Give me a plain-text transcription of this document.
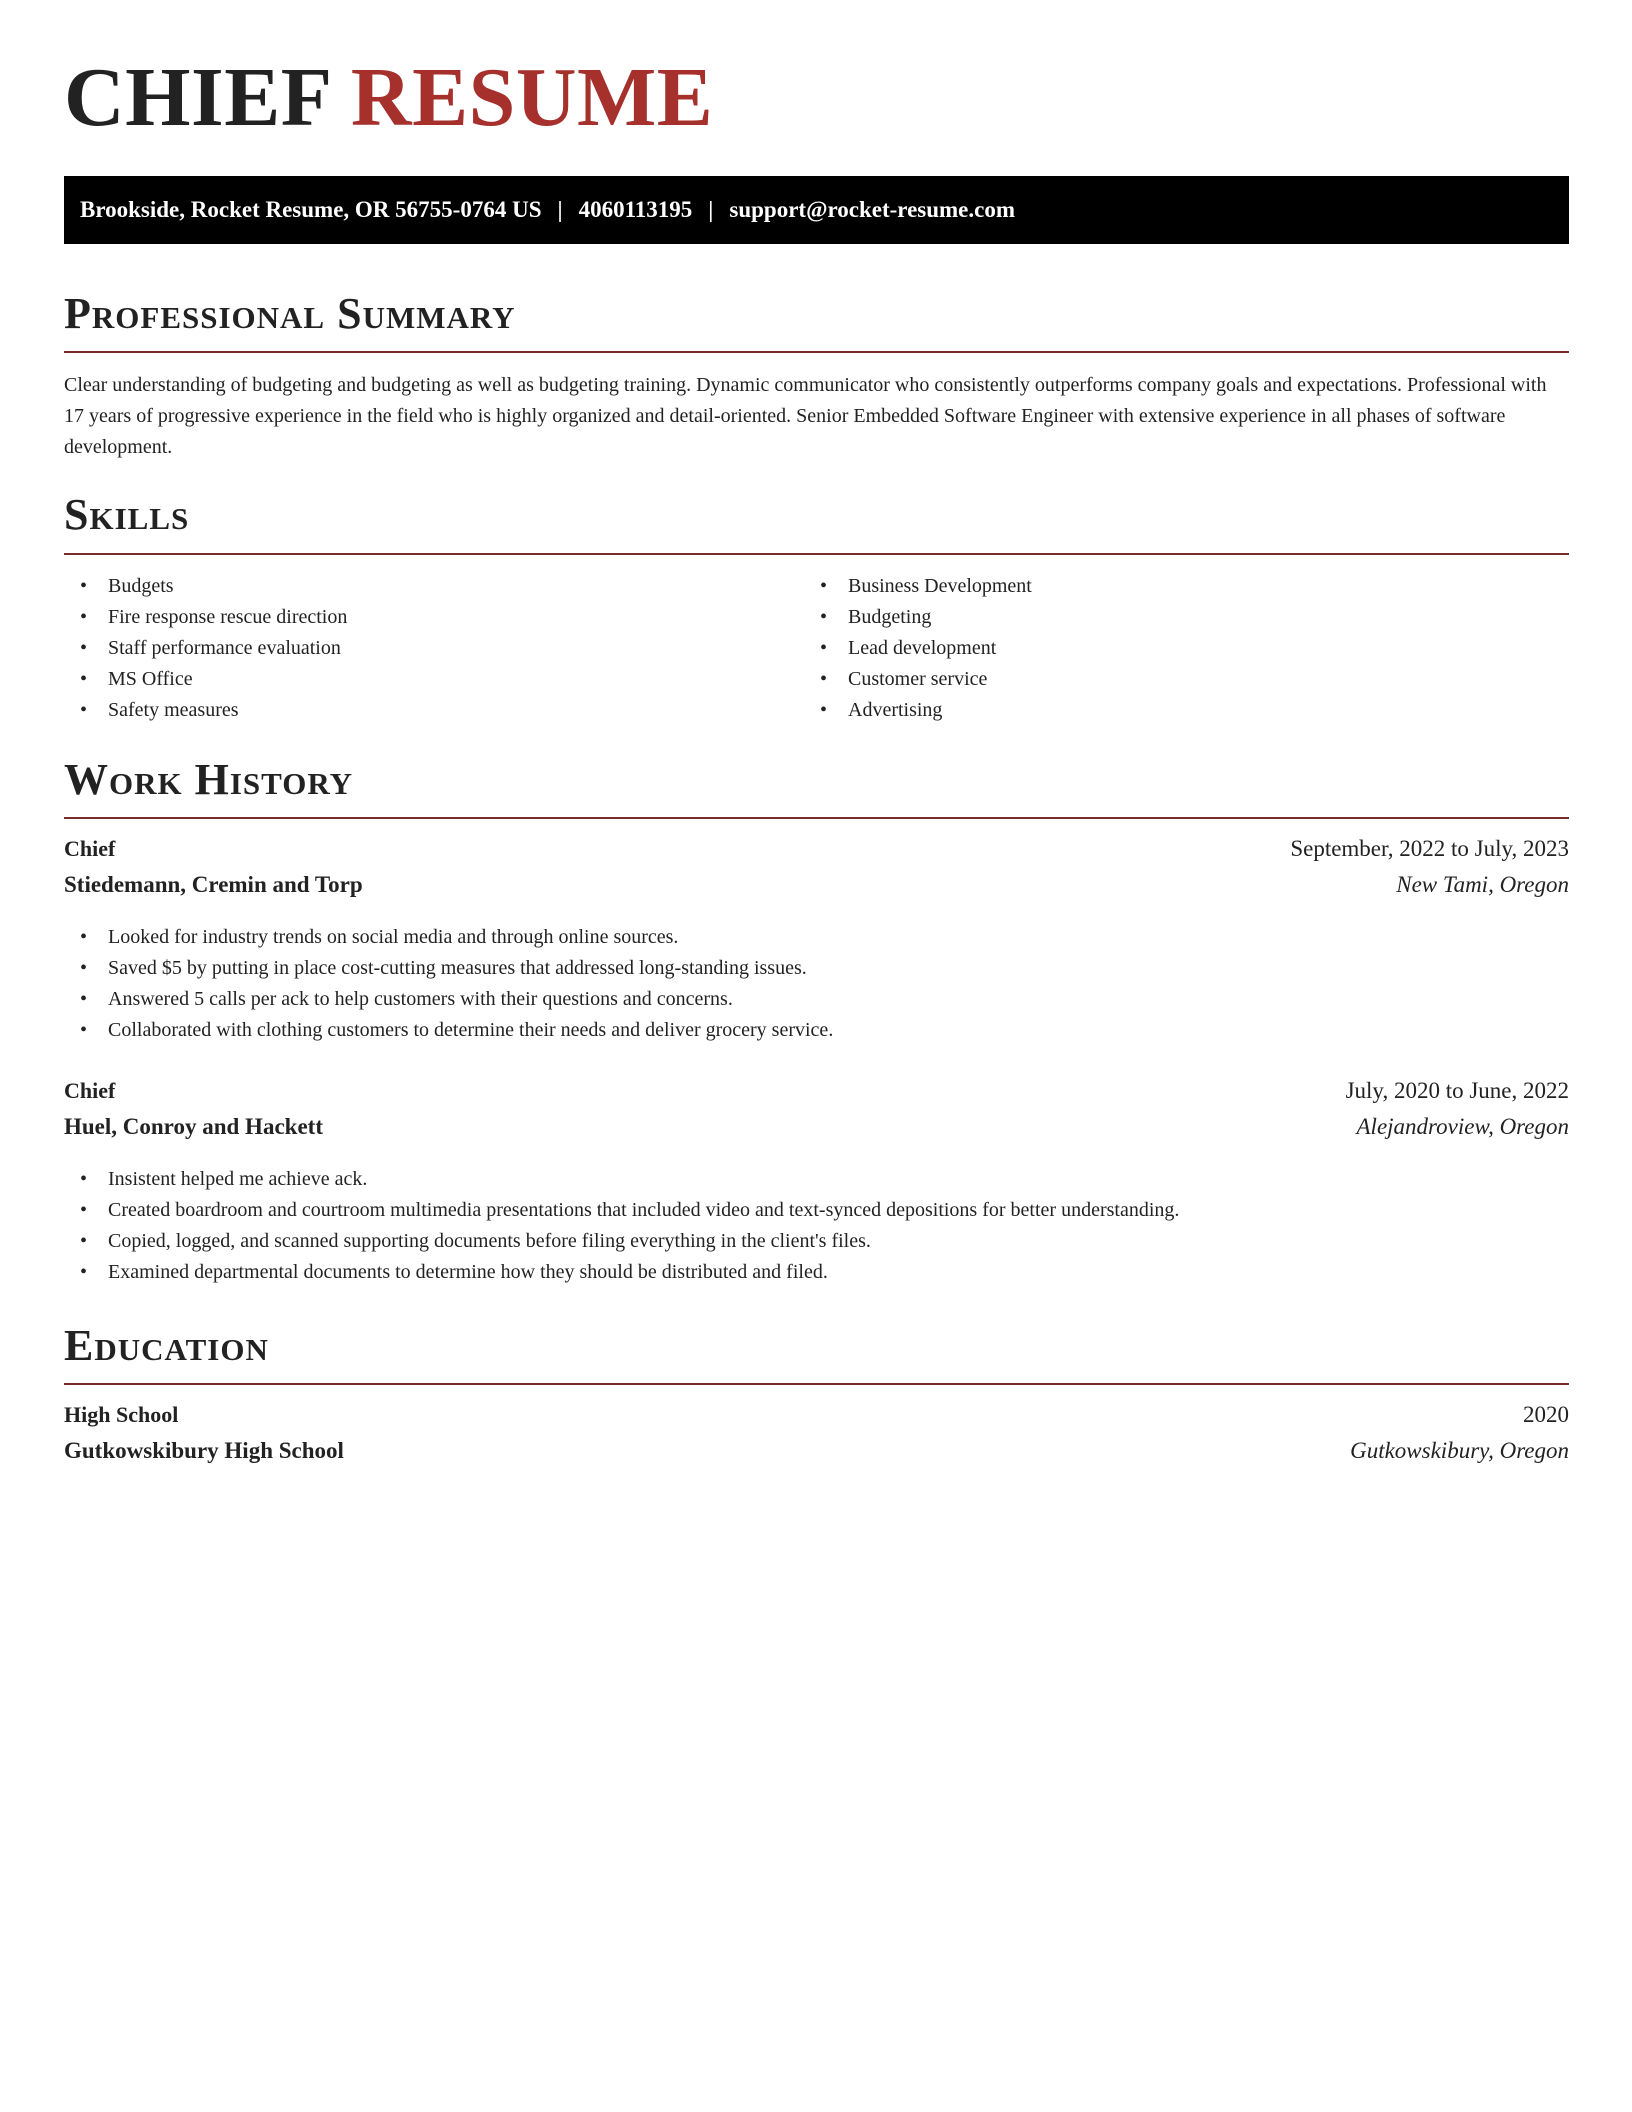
CHIEF RESUME
Brookside, Rocket Resume, OR 56755-0764 US | 4060113195 | support@rocket-resume.com
Professional Summary

Clear understanding of budgeting and budgeting as well as budgeting training. Dynamic communicator who consistently outperforms company goals and expectations. Professional with 17 years of progressive experience in the field who is highly organized and detail-oriented. Senior Embedded Software Engineer with extensive experience in all phases of software development.

Skills
• Budgets
• Fire response rescue direction
• Staff performance evaluation
• MS Office
• Safety measures
• Business Development
• Budgeting
• Lead development
• Customer service
• Advertising
Work History
Chief	September, 2022 to July, 2023
Stiedemann, Cremin and Torp	New Tami, Oregon
• Looked for industry trends on social media and through online sources.
• Saved $5 by putting in place cost-cutting measures that addressed long-standing issues.
• Answered 5 calls per ack to help customers with their questions and concerns.
• Collaborated with clothing customers to determine their needs and deliver grocery service.
Chief	July, 2020 to June, 2022
Huel, Conroy and Hackett	Alejandroview, Oregon
• Insistent helped me achieve ack.
• Created boardroom and courtroom multimedia presentations that included video and text-synced depositions for better understanding.
• Copied, logged, and scanned supporting documents before filing everything in the client's files.
• Examined departmental documents to determine how they should be distributed and filed.
Education
High School	2020
Gutkowskibury High School	Gutkowskibury, Oregon
